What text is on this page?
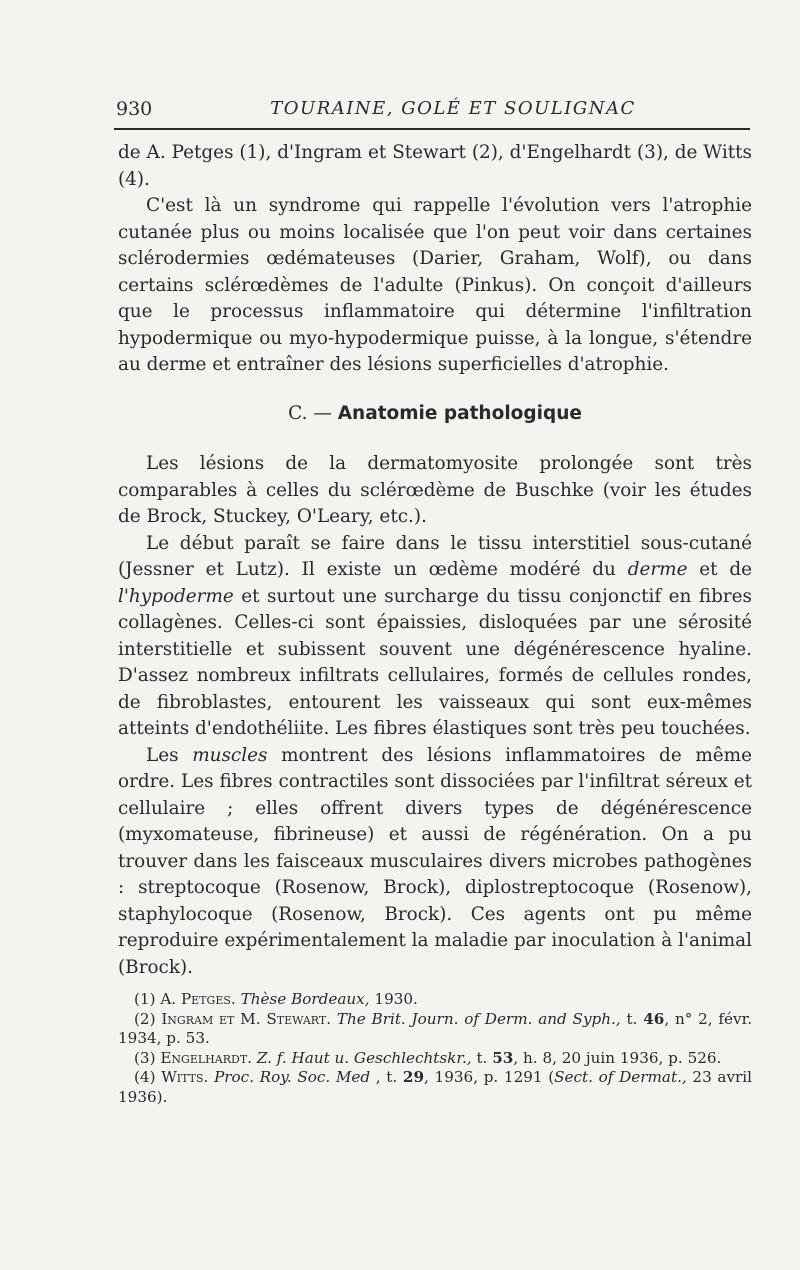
930	TOURAINE, GOLÉ ET SOULIGNAC

de A. Petges (1), d'Ingram et Stewart (2), d'Engelhardt (3), de Witts (4).

C'est là un syndrome qui rappelle l'évolution vers l'atrophie cutanée plus ou moins localisée que l'on peut voir dans certaines sclérodermies œdémateuses (Darier, Graham, Wolf), ou dans certains sclérœdèmes de l'adulte (Pinkus). On conçoit d'ailleurs que le processus inflammatoire qui détermine l'infiltration hypodermique ou myo-hypodermique puisse, à la longue, s'étendre au derme et entraîner des lésions superficielles d'atrophie.

C. — Anatomie pathologique

Les lésions de la dermatomyosite prolongée sont très comparables à celles du sclérœdème de Buschke (voir les études de Brock, Stuckey, O'Leary, etc.).

Le début paraît se faire dans le tissu interstitiel sous-cutané (Jessner et Lutz). Il existe un œdème modéré du derme et de l'hypoderme et surtout une surcharge du tissu conjonctif en fibres collagènes. Celles-ci sont épaissies, disloquées par une sérosité interstitielle et subissent souvent une dégénérescence hyaline. D'assez nombreux infiltrats cellulaires, formés de cellules rondes, de fibroblastes, entourent les vaisseaux qui sont eux-mêmes atteints d'endothéliite. Les fibres élastiques sont très peu touchées.

Les muscles montrent des lésions inflammatoires de même ordre. Les fibres contractiles sont dissociées par l'infiltrat séreux et cellulaire ; elles offrent divers types de dégénérescence (myxomateuse, fibrineuse) et aussi de régénération. On a pu trouver dans les faisceaux musculaires divers microbes pathogènes : streptocoque (Rosenow, Brock), diplostreptocoque (Rosenow), staphylocoque (Rosenow, Brock). Ces agents ont pu même reproduire expérimentalement la maladie par inoculation à l'animal (Brock).

(1) A. Petges. Thèse Bordeaux, 1930.

(2) Ingram et M. Stewart. The Brit. Journ. of Derm. and Syph., t. 46, n° 2, févr. 1934, p. 53.

(3) Engelhardt. Z. f. Haut u. Geschlechtskr., t. 53, h. 8, 20 juin 1936, p. 526.

(4) Witts. Proc. Roy. Soc. Med , t. 29, 1936, p. 1291 (Sect. of Dermat., 23 avril 1936).
